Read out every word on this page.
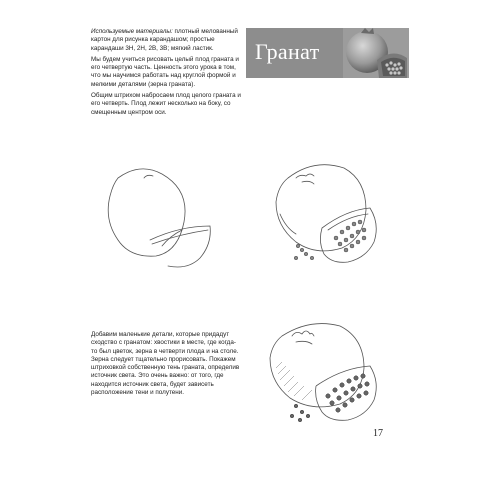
Используемые материалы: плотный мелованный картон для рисунка карандашом; простые карандаши 3H, 2H, 2B, 3B; мягкий ластик.

Мы будем учиться рисовать целый плод граната и его четвертую часть. Ценность этого урока в том, что мы научимся работать над круглой формой и мелкими деталями (зерна граната).

Общим штрихом набросаем плод целого граната и его четверть. Плод лежит несколько на боку, со смещенным центром оси.

Гранат

Добавим маленькие детали, которые придадут сходство с гранатом: хвостики в месте, где когда-то был цветок, зерна в четверти плода и на столе. Зерна следует тщательно прорисовать. Покажем штриховкой собственную тень граната, определив источник света. Это очень важно: от того, где находится источник света, будет зависеть расположение тени и полутени.

17
